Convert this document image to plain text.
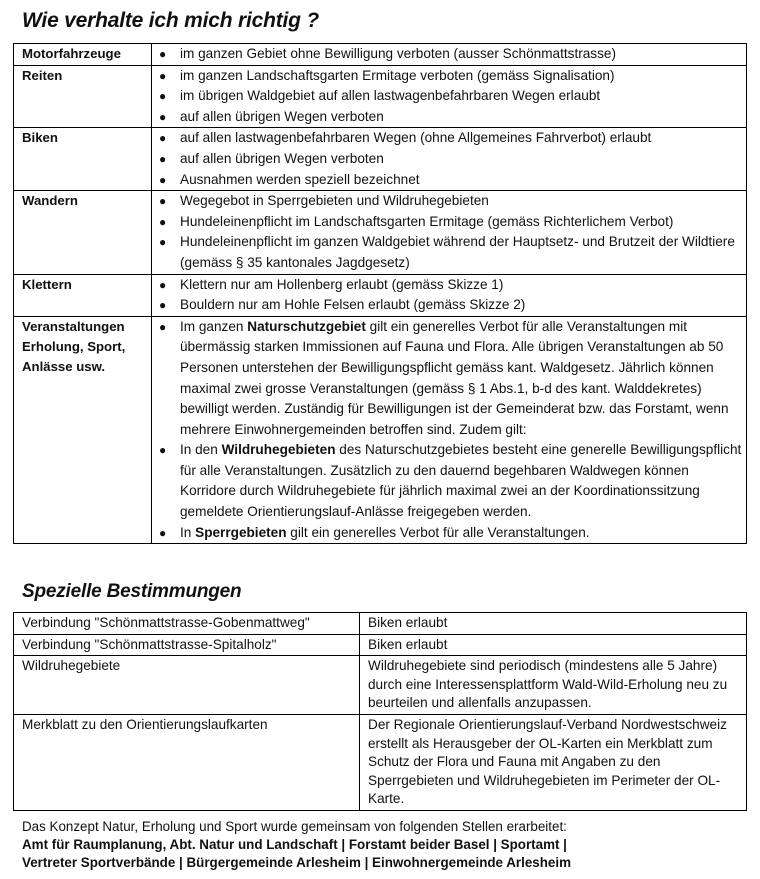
Wie verhalte ich mich richtig ?
Motorfahrzeuge	● im ganzen Gebiet ohne Bewilligung verboten (ausser Schönmattstrasse)

Reiten	● im ganzen Landschaftsgarten Ermitage verboten (gemäss Signalisation)
● im übrigen Waldgebiet auf allen lastwagenbefahrbaren Wegen erlaubt
● auf allen übrigen Wegen verboten

Biken	● auf allen lastwagenbefahrbaren Wegen (ohne Allgemeines Fahrverbot) erlaubt
● auf allen übrigen Wegen verboten
● Ausnahmen werden speziell bezeichnet

Wandern	● Wegegebot in Sperrgebieten und Wildruhegebieten
● Hundeleinenpflicht im Landschaftsgarten Ermitage (gemäss Richterlichem Verbot)
● Hundeleinenpflicht im ganzen Waldgebiet während der Hauptsetz- und Brutzeit der Wildtiere (gemäss § 35 kantonales Jagdgesetz)

Klettern	● Klettern nur am Hollenberg erlaubt (gemäss Skizze 1)
● Bouldern nur am Hohle Felsen erlaubt (gemäss Skizze 2)

Veranstaltungen
Erholung, Sport,
Anlässe usw.

● Im ganzen Naturschutzgebiet gilt ein generelles Verbot für alle Veranstaltungen mit übermässig starken Immissionen auf Fauna und Flora. Alle übrigen Veranstaltungen ab 50 Personen unterstehen der Bewilligungspflicht gemäss kant. Waldgesetz. Jährlich können maximal zwei grosse Veranstaltungen (gemäss § 1 Abs.1, b-d des kant. Walddekretes) bewilligt werden. Zuständig für Bewilligungen ist der Gemeinderat bzw. das Forstamt, wenn mehrere Einwohnergemeinden betroffen sind. Zudem gilt:
● In den Wildruhegebieten des Naturschutzgebietes besteht eine generelle Bewilligungspflicht für alle Veranstaltungen. Zusätzlich zu den dauernd begehbaren Waldwegen können Korridore durch Wildruhegebiete für jährlich maximal zwei an der Koordinationssitzung gemeldete Orientierungslauf-Anlässe freigegeben werden.
● In Sperrgebieten gilt ein generelles Verbot für alle Veranstaltungen.
Spezielle Bestimmungen
Verbindung "Schönmattstrasse-Gobenmattweg"	Biken erlaubt
Verbindung "Schönmattstrasse-Spitalholz"	Biken erlaubt
Wildruhegebiete	Wildruhegebiete sind periodisch (mindestens alle 5 Jahre) durch eine Interessensplattform Wald-Wild-Erholung neu zu beurteilen und allenfalls anzupassen.
Merkblatt zu den Orientierungslaufkarten	Der Regionale Orientierungslauf-Verband Nordwestschweiz erstellt als Herausgeber der OL-Karten ein Merkblatt zum Schutz der Flora und Fauna mit Angaben zu den Sperrgebieten und Wildruhegebieten im Perimeter der OL-Karte.
Das Konzept Natur, Erholung und Sport wurde gemeinsam von folgenden Stellen erarbeitet:
Amt für Raumplanung, Abt. Natur und Landschaft | Forstamt beider Basel | Sportamt |
Vertreter Sportverbände | Bürgergemeinde Arlesheim | Einwohnergemeinde Arlesheim
